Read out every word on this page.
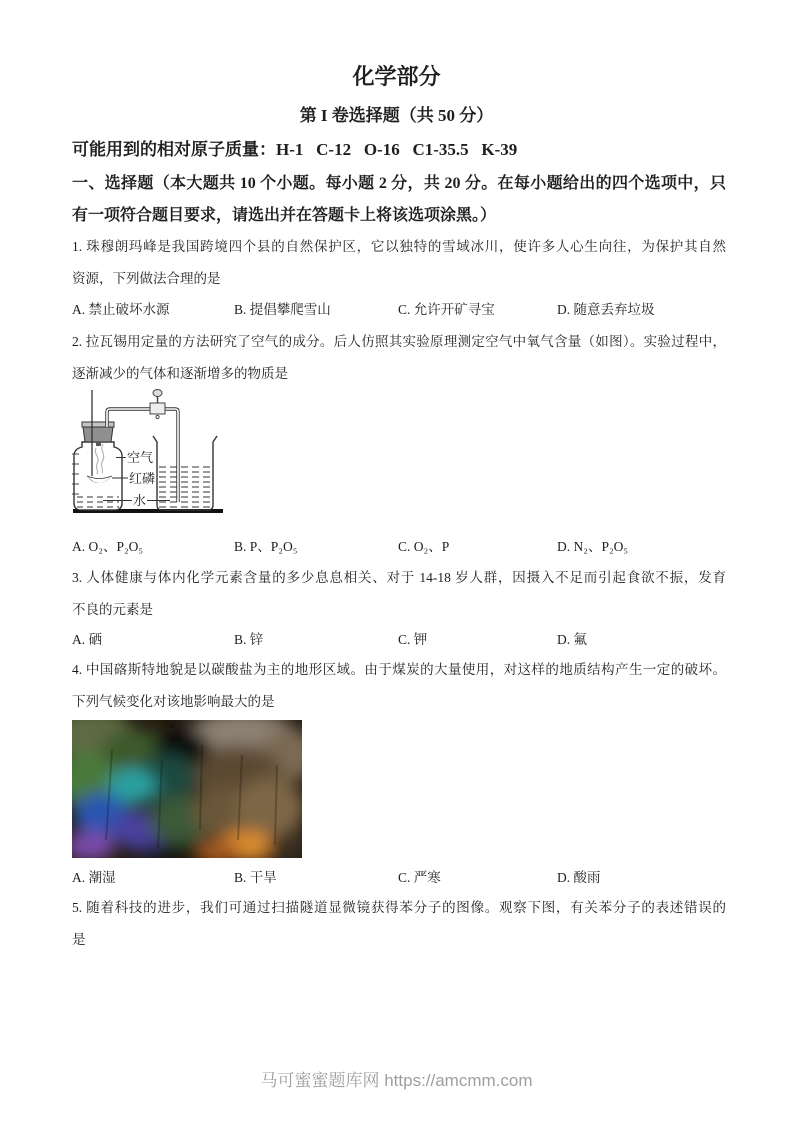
化学部分
第 I 卷选择题（共 50 分）
可能用到的相对原子质量：H-1   C-12   O-16   C1-35.5   K-39
一、选择题（本大题共 10 个小题。每小题 2 分，共 20 分。在每小题给出的四个选项中，只
有一项符合题目要求，请选出并在答题卡上将该选项涂黑。）
1. 珠穆朗玛峰是我国跨境四个县的自然保护区，它以独特的雪域冰川，使许多人心生向往，为保护其自然
资源，下列做法合理的是
A. 禁止破坏水源	B. 提倡攀爬雪山	C. 允许开矿寻宝	D. 随意丢弃垃圾
2. 拉瓦锡用定量的方法研究了空气的成分。后人仿照其实验原理测定空气中氧气含量（如图）。实验过程中，
逐渐减少的气体和逐渐增多的物质是
空气
红磷
水
A. O₂、P₂O₅	B. P、P₂O₅	C. O₂、P	D. N₂、P₂O₅
3. 人体健康与体内化学元素含量的多少息息相关、对于 14-18 岁人群，因摄入不足而引起食欲不振，发育
不良的元素是
A. 硒	B. 锌	C. 钾	D. 氟
4. 中国碦斯特地貌是以碳酸盐为主的地形区域。由于煤炭的大量使用，对这样的地质结构产生一定的破坏。
下列气候变化对该地影响最大的是
A. 潮湿	B. 干旱	C. 严寒	D. 酸雨
5. 随着科技的进步，我们可通过扫描隧道显微镜获得苯分子的图像。观察下图，有关苯分子的表述错误的
是
马可蜜蜜题库网 https://amcmm.com
